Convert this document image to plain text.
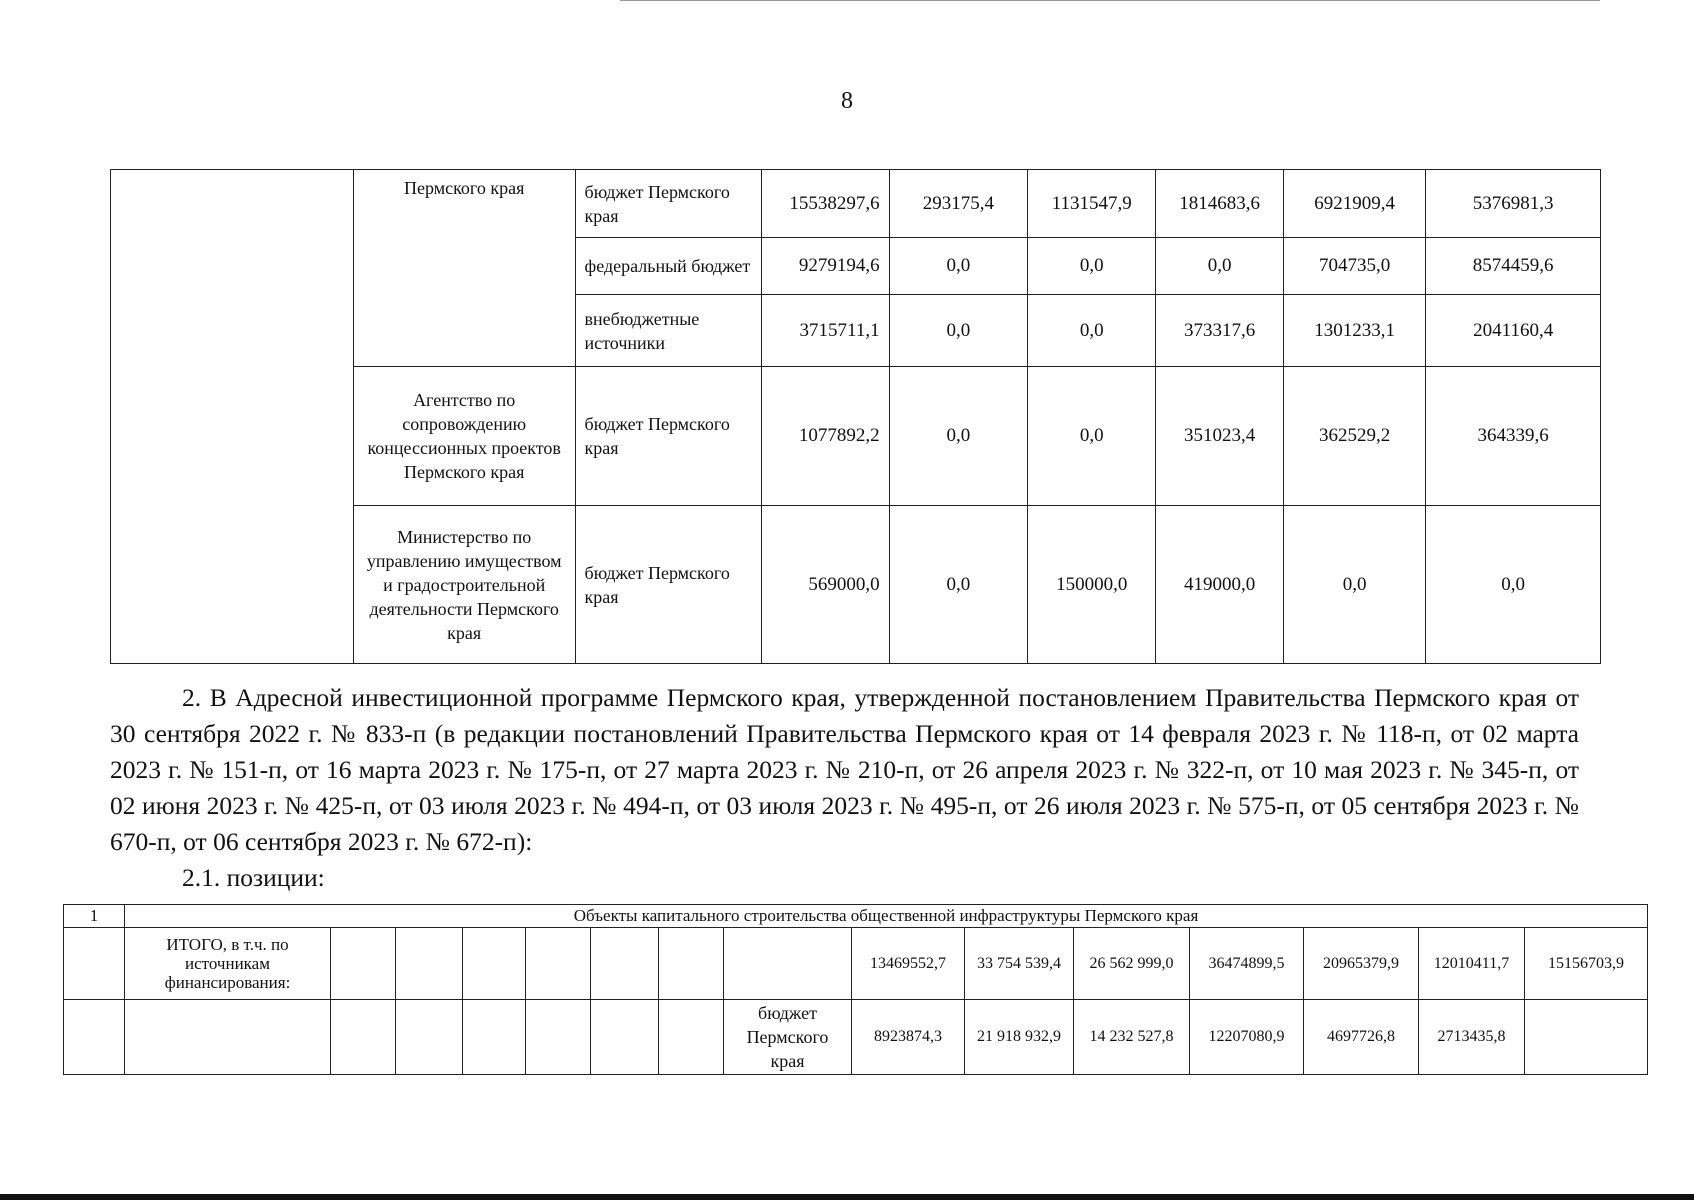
8
	Пермского края	бюджет Пермского края	15538297,6	293175,4	1131547,9	1814683,6	6921909,4	5376981,3
		федеральный бюджет	9279194,6	0,0	0,0	0,0	704735,0	8574459,6
		внебюджетные источники	3715711,1	0,0	0,0	373317,6	1301233,1	2041160,4
	Агентство по сопровождению концессионных проектов Пермского края	бюджет Пермского края	1077892,2	0,0	0,0	351023,4	362529,2	364339,6
	Министерство по управлению имуществом и градостроительной деятельности Пермского края	бюджет Пермского края	569000,0	0,0	150000,0	419000,0	0,0	0,0

2. В Адресной инвестиционной программе Пермского края, утвержденной постановлением Правительства Пермского края от 30 сентября 2022 г. № 833-п (в редакции постановлений Правительства Пермского края от 14 февраля 2023 г. № 118-п, от 02 марта 2023 г. № 151-п, от 16 марта 2023 г. № 175-п, от 27 марта 2023 г. № 210-п, от 26 апреля 2023 г. № 322-п, от 10 мая 2023 г. № 345-п, от 02 июня 2023 г. № 425-п, от 03 июля 2023 г. № 494-п, от 03 июля 2023 г. № 495-п, от 26 июля 2023 г. № 575-п, от 05 сентября 2023 г. № 670-п, от 06 сентября 2023 г. № 672-п):

2.1. позиции:

1	Объекты капитального строительства общественной инфраструктуры Пермского края														
	ИТОГО, в т.ч. по источникам финансирования:								13469552,7	33 754 539,4	26 562 999,0	36474899,5	20965379,9	12010411,7	15156703,9
								бюджет Пермского края	8923874,3	21 918 932,9	14 232 527,8	12207080,9	4697726,8	2713435,8	
